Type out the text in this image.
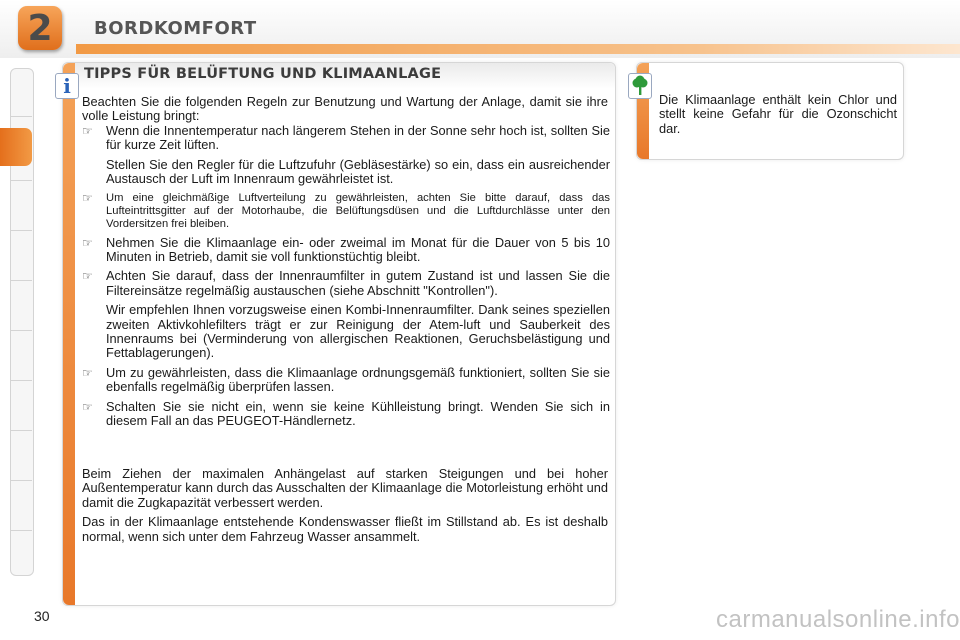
2	BORDKOMFORT
i TIPPS FÜR BELÜFTUNG UND KLIMAANLAGE
Beachten Sie die folgenden Regeln zur Benutzung und Wartung der Anlage, damit sie ihre volle Leistung bringt:
☞	Wenn die Innentemperatur nach längerem Stehen in der Sonne sehr hoch ist, sollten Sie für kurze Zeit lüften.

Stellen Sie den Regler für die Luftzufuhr (Gebläsestärke) so ein, dass ein ausreichender Austausch der Luft im Innenraum gewährleistet ist.

☞	Um eine gleichmäßige Luftverteilung zu gewährleisten, achten Sie bitte darauf, dass das Lufteintrittsgitter auf der Motorhaube, die Belüftungsdüsen und die Luftdurchlässe unter den Vordersitzen frei bleiben.

☞	Nehmen Sie die Klimaanlage ein- oder zweimal im Monat für die Dauer von 5 bis 10 Minuten in Betrieb, damit sie voll funktionstüchtig bleibt.

☞	Achten Sie darauf, dass der Innenraumfilter in gutem Zustand ist und lassen Sie die Filtereinsätze regelmäßig austauschen (siehe Abschnitt "Kontrollen").

Wir empfehlen Ihnen vorzugsweise einen Kombi-Innenraumfilter. Dank seines speziellen zweiten Aktivkohlefilters trägt er zur Reinigung der Atem-luft und Sauberkeit des Innenraums bei (Verminderung von allergischen Reaktionen, Geruchsbelästigung und Fettablagerungen).

☞	Um zu gewährleisten, dass die Klimaanlage ordnungsgemäß funktioniert, sollten Sie sie ebenfalls regelmäßig überprüfen lassen.

☞	Schalten Sie sie nicht ein, wenn sie keine Kühlleistung bringt. Wenden Sie sich in diesem Fall an das PEUGEOT-Händlernetz.

Beim Ziehen der maximalen Anhängelast auf starken Steigungen und bei hoher Außentemperatur kann durch das Ausschalten der Klimaanlage die Motorleistung erhöht und damit die Zugkapazität verbessert werden.

Das in der Klimaanlage entstehende Kondenswasser fließt im Stillstand ab. Es ist deshalb normal, wenn sich unter dem Fahrzeug Wasser ansammelt.

Die Klimaanlage enthält kein Chlor und stellt keine Gefahr für die Ozonschicht dar.
30	carmanualsonline.info
